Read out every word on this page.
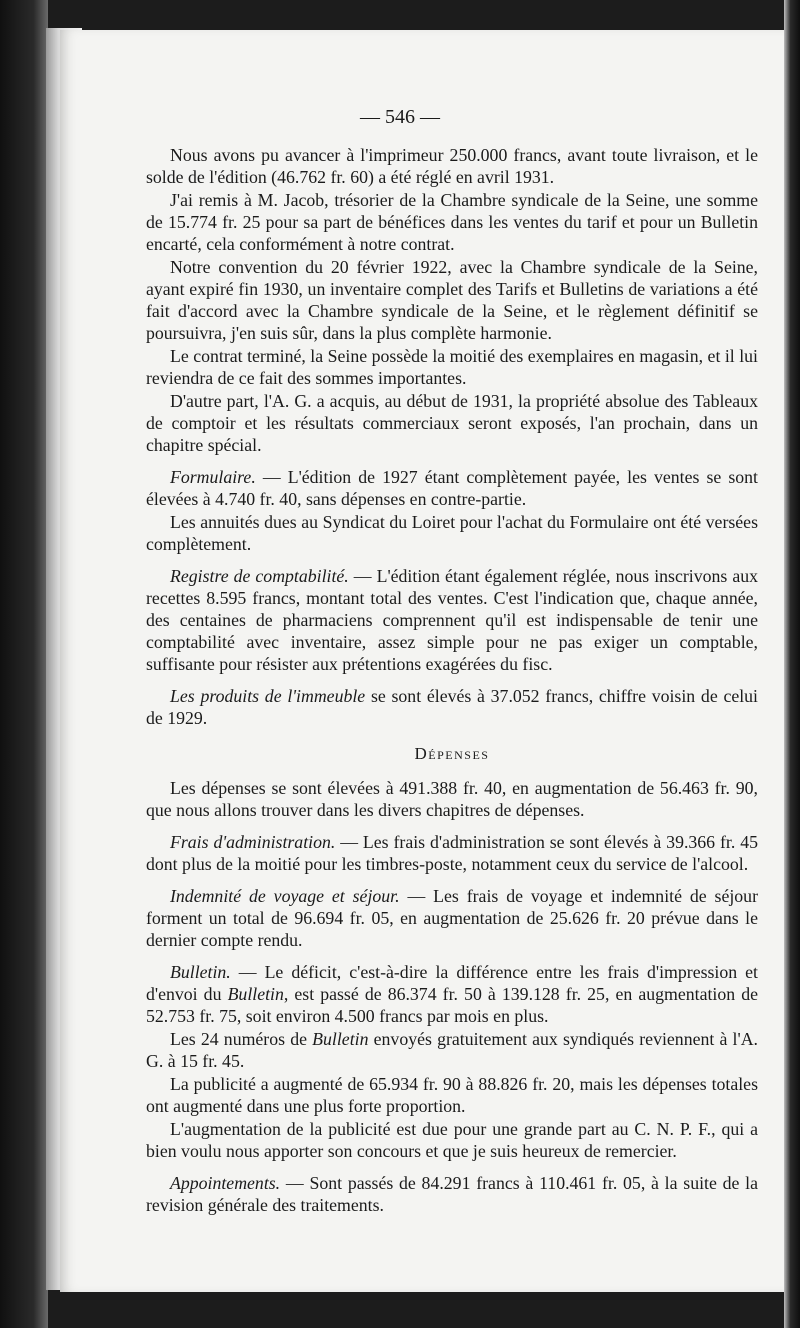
— 546 —

Nous avons pu avancer à l'imprimeur 250.000 francs, avant toute livraison, et le solde de l'édition (46.762 fr. 60) a été réglé en avril 1931.

J'ai remis à M. Jacob, trésorier de la Chambre syndicale de la Seine, une somme de 15.774 fr. 25 pour sa part de bénéfices dans les ventes du tarif et pour un Bulletin encarté, cela conformément à notre contrat.

Notre convention du 20 février 1922, avec la Chambre syndicale de la Seine, ayant expiré fin 1930, un inventaire complet des Tarifs et Bulletins de variations a été fait d'accord avec la Chambre syndicale de la Seine, et le règlement définitif se poursuivra, j'en suis sûr, dans la plus complète harmonie.

Le contrat terminé, la Seine possède la moitié des exemplaires en magasin, et il lui reviendra de ce fait des sommes importantes.

D'autre part, l'A. G. a acquis, au début de 1931, la propriété absolue des Tableaux de comptoir et les résultats commerciaux seront exposés, l'an prochain, dans un chapitre spécial.

Formulaire. — L'édition de 1927 étant complètement payée, les ventes se sont élevées à 4.740 fr. 40, sans dépenses en contre-partie.

Les annuités dues au Syndicat du Loiret pour l'achat du Formulaire ont été versées complètement.

Registre de comptabilité. — L'édition étant également réglée, nous inscrivons aux recettes 8.595 francs, montant total des ventes. C'est l'indication que, chaque année, des centaines de pharmaciens comprennent qu'il est indispensable de tenir une comptabilité avec inventaire, assez simple pour ne pas exiger un comptable, suffisante pour résister aux prétentions exagérées du fisc.

Les produits de l'immeuble se sont élevés à 37.052 francs, chiffre voisin de celui de 1929.

Dépenses

Les dépenses se sont élevées à 491.388 fr. 40, en augmentation de 56.463 fr. 90, que nous allons trouver dans les divers chapitres de dépenses.

Frais d'administration. — Les frais d'administration se sont élevés à 39.366 fr. 45 dont plus de la moitié pour les timbres-poste, notamment ceux du service de l'alcool.

Indemnité de voyage et séjour. — Les frais de voyage et indemnité de séjour forment un total de 96.694 fr. 05, en augmentation de 25.626 fr. 20 prévue dans le dernier compte rendu.

Bulletin. — Le déficit, c'est-à-dire la différence entre les frais d'impression et d'envoi du Bulletin, est passé de 86.374 fr. 50 à 139.128 fr. 25, en augmentation de 52.753 fr. 75, soit environ 4.500 francs par mois en plus.

Les 24 numéros de Bulletin envoyés gratuitement aux syndiqués reviennent à l'A. G. à 15 fr. 45.

La publicité a augmenté de 65.934 fr. 90 à 88.826 fr. 20, mais les dépenses totales ont augmenté dans une plus forte proportion.

L'augmentation de la publicité est due pour une grande part au C. N. P. F., qui a bien voulu nous apporter son concours et que je suis heureux de remercier.

Appointements. — Sont passés de 84.291 francs à 110.461 fr. 05, à la suite de la revision générale des traitements.
